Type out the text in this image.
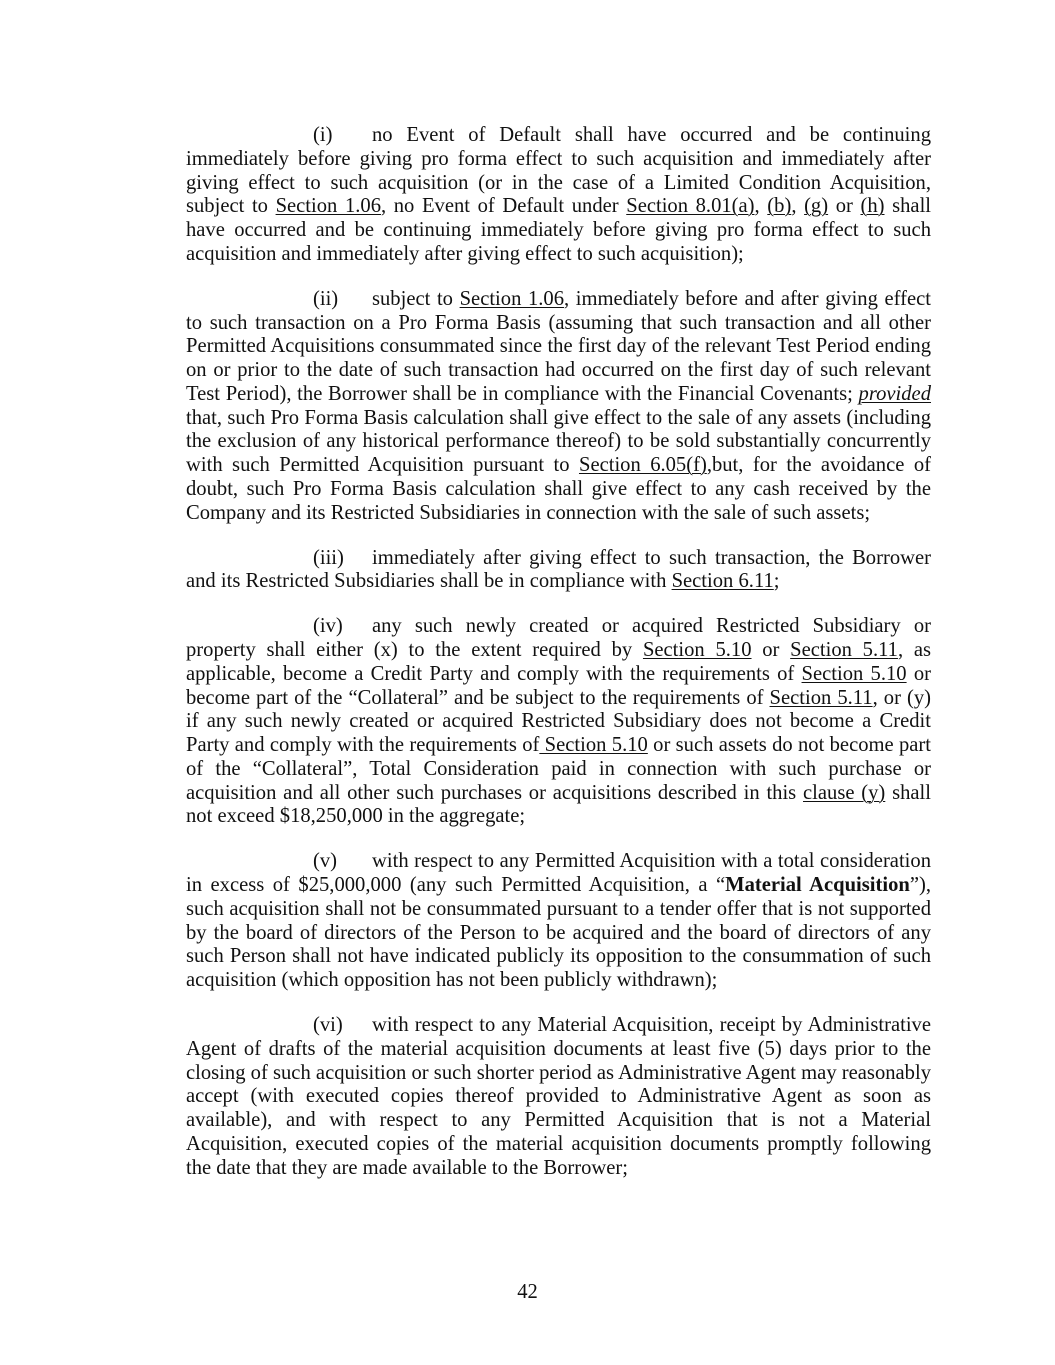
(i) no Event of Default shall have occurred and be continuing immediately before giving pro forma effect to such acquisition and immediately after giving effect to such acquisition (or in the case of a Limited Condition Acquisition, subject to Section 1.06, no Event of Default under Section 8.01(a), (b), (g) or (h) shall have occurred and be continuing immediately before giving pro forma effect to such acquisition and immediately after giving effect to such acquisition);

(ii) subject to Section 1.06, immediately before and after giving effect to such transaction on a Pro Forma Basis (assuming that such transaction and all other Permitted Acquisitions consummated since the first day of the relevant Test Period ending on or prior to the date of such transaction had occurred on the first day of such relevant Test Period), the Borrower shall be in compliance with the Financial Covenants; provided that, such Pro Forma Basis calculation shall give effect to the sale of any assets (including the exclusion of any historical performance thereof) to be sold substantially concurrently with such Permitted Acquisition pursuant to Section 6.05(f),but, for the avoidance of doubt, such Pro Forma Basis calculation shall give effect to any cash received by the Company and its Restricted Subsidiaries in connection with the sale of such assets;

(iii) immediately after giving effect to such transaction, the Borrower and its Restricted Subsidiaries shall be in compliance with Section 6.11;

(iv) any such newly created or acquired Restricted Subsidiary or property shall either (x) to the extent required by Section 5.10 or Section 5.11, as applicable, become a Credit Party and comply with the requirements of Section 5.10 or become part of the “Collateral” and be subject to the requirements of Section 5.11, or (y) if any such newly created or acquired Restricted Subsidiary does not become a Credit Party and comply with the requirements of Section 5.10 or such assets do not become part of the “Collateral”, Total Consideration paid in connection with such purchase or acquisition and all other such purchases or acquisitions described in this clause (y) shall not exceed $18,250,000 in the aggregate;

(v) with respect to any Permitted Acquisition with a total consideration in excess of $25,000,000 (any such Permitted Acquisition, a “Material Acquisition”), such acquisition shall not be consummated pursuant to a tender offer that is not supported by the board of directors of the Person to be acquired and the board of directors of any such Person shall not have indicated publicly its opposition to the consummation of such acquisition (which opposition has not been publicly withdrawn);

(vi) with respect to any Material Acquisition, receipt by Administrative Agent of drafts of the material acquisition documents at least five (5) days prior to the closing of such acquisition or such shorter period as Administrative Agent may reasonably accept (with executed copies thereof provided to Administrative Agent as soon as available), and with respect to any Permitted Acquisition that is not a Material Acquisition, executed copies of the material acquisition documents promptly following the date that they are made available to the Borrower;

42
